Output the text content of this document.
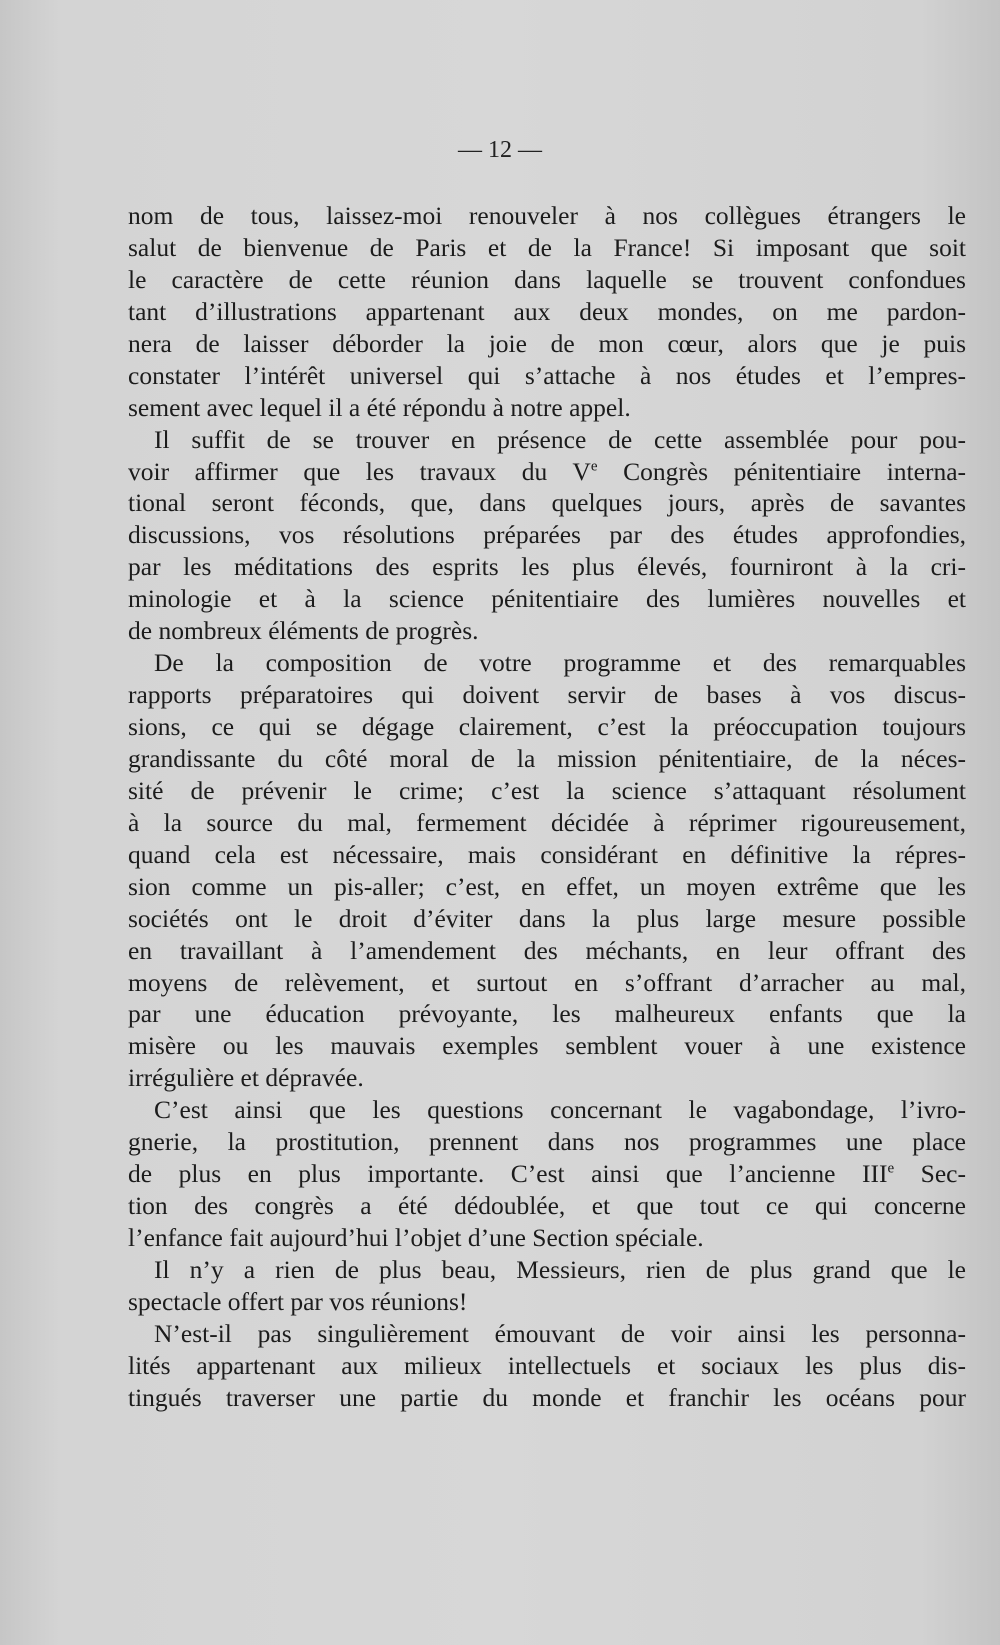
— 12 —
nom de tous, laissez-moi renouveler à nos collègues étrangers le
salut de bienvenue de Paris et de la France! Si imposant que soit
le caractère de cette réunion dans laquelle se trouvent confondues
tant d’illustrations appartenant aux deux mondes, on me pardon-
nera de laisser déborder la joie de mon cœur, alors que je puis
constater l’intérêt universel qui s’attache à nos études et l’empres-
sement avec lequel il a été répondu à notre appel.
Il suffit de se trouver en présence de cette assemblée pour pou-
voir affirmer que les travaux du Ve Congrès pénitentiaire interna-
tional seront féconds, que, dans quelques jours, après de savantes
discussions, vos résolutions préparées par des études approfondies,
par les méditations des esprits les plus élevés, fourniront à la cri-
minologie et à la science pénitentiaire des lumières nouvelles et
de nombreux éléments de progrès.
De la composition de votre programme et des remarquables
rapports préparatoires qui doivent servir de bases à vos discus-
sions, ce qui se dégage clairement, c’est la préoccupation toujours
grandissante du côté moral de la mission pénitentiaire, de la néces-
sité de prévenir le crime; c’est la science s’attaquant résolument
à la source du mal, fermement décidée à réprimer rigoureusement,
quand cela est nécessaire, mais considérant en définitive la répres-
sion comme un pis-aller; c’est, en effet, un moyen extrême que les
sociétés ont le droit d’éviter dans la plus large mesure possible
en travaillant à l’amendement des méchants, en leur offrant des
moyens de relèvement, et surtout en s’offrant d’arracher au mal,
par une éducation prévoyante, les malheureux enfants que la
misère ou les mauvais exemples semblent vouer à une existence
irrégulière et dépravée.
C’est ainsi que les questions concernant le vagabondage, l’ivro-
gnerie, la prostitution, prennent dans nos programmes une place
de plus en plus importante. C’est ainsi que l’ancienne IIIe Sec-
tion des congrès a été dédoublée, et que tout ce qui concerne
l’enfance fait aujourd’hui l’objet d’une Section spéciale.
Il n’y a rien de plus beau, Messieurs, rien de plus grand que le
spectacle offert par vos réunions!
N’est-il pas singulièrement émouvant de voir ainsi les personna-
lités appartenant aux milieux intellectuels et sociaux les plus dis-
tingués traverser une partie du monde et franchir les océans pour
